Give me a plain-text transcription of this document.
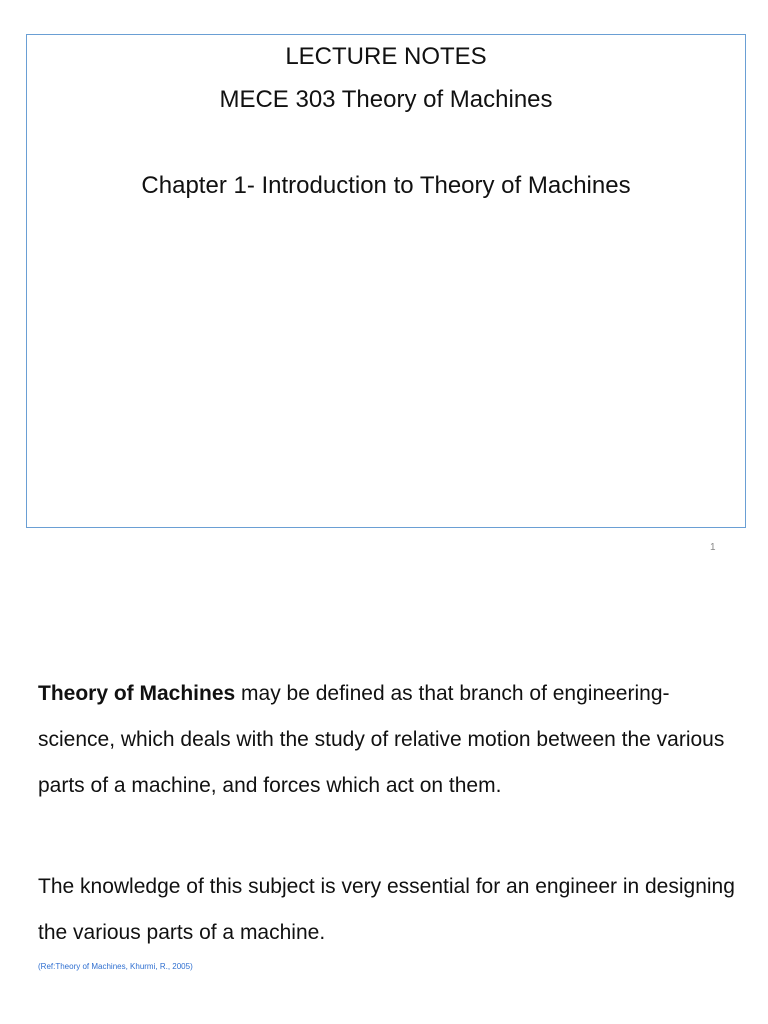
LECTURE NOTES
MECE 303 Theory of Machines
Chapter 1- Introduction to Theory of Machines
1
Theory of Machines may be defined as that branch of engineering-science, which deals with the study of relative motion between the various parts of a machine, and forces which act on them.
The knowledge of this subject is very essential for an engineer in designing the various parts of a machine.
(Ref:Theory of Machines, Khurmi, R., 2005)
